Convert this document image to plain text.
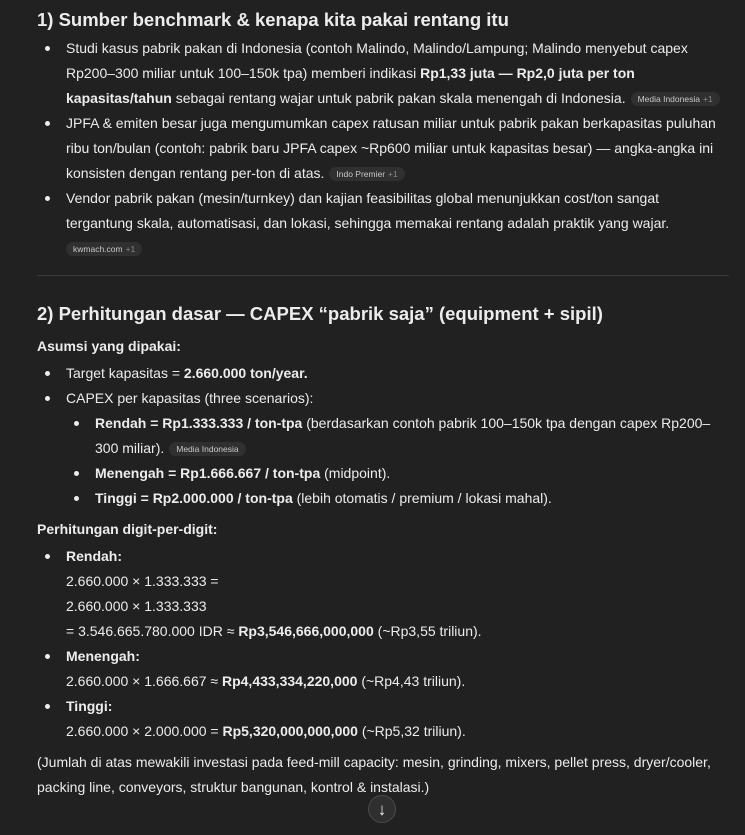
1) Sumber benchmark & kenapa kita pakai rentang itu
Studi kasus pabrik pakan di Indonesia (contoh Malindo, Malindo/Lampung; Malindo menyebut capex Rp200–300 miliar untuk 100–150k tpa) memberi indikasi Rp1,33 juta — Rp2,0 juta per ton kapasitas/tahun sebagai rentang wajar untuk pabrik pakan skala menengah di Indonesia. Media Indonesia +1
JPFA & emiten besar juga mengumumkan capex ratusan miliar untuk pabrik pakan berkapasitas puluhan ribu ton/bulan (contoh: pabrik baru JPFA capex ~Rp600 miliar untuk kapasitas besar) — angka-angka ini konsisten dengan rentang per-ton di atas. Indo Premier +1
Vendor pabrik pakan (mesin/turnkey) dan kajian feasibilitas global menunjukkan cost/ton sangat tergantung skala, automatisasi, dan lokasi, sehingga memakai rentang adalah praktik yang wajar.
kwmach.com +1
2) Perhitungan dasar — CAPEX “pabrik saja” (equipment + sipil)
Asumsi yang dipakai:
Target kapasitas = 2.660.000 ton/year.
CAPEX per kapasitas (three scenarios):
Rendah = Rp1.333.333 / ton-tpa (berdasarkan contoh pabrik 100–150k tpa dengan capex Rp200–300 miliar). Media Indonesia
Menengah = Rp1.666.667 / ton-tpa (midpoint).
Tinggi = Rp2.000.000 / ton-tpa (lebih otomatis / premium / lokasi mahal).
Perhitungan digit-per-digit:
Rendah:
2.660.000 × 1.333.333 =
2.660.000 × 1.333.333
= 3.546.665.780.000 IDR ≈ Rp3,546,666,000,000 (~Rp3,55 triliun).
Menengah:
2.660.000 × 1.666.667 ≈ Rp4,433,334,220,000 (~Rp4,43 triliun).
Tinggi:
2.660.000 × 2.000.000 = Rp5,320,000,000,000 (~Rp5,32 triliun).
(Jumlah di atas mewakili investasi pada feed-mill capacity: mesin, grinding, mixers, pellet press, dryer/cooler, packing line, conveyors, struktur bangunan, kontrol & instalasi.)
↓
